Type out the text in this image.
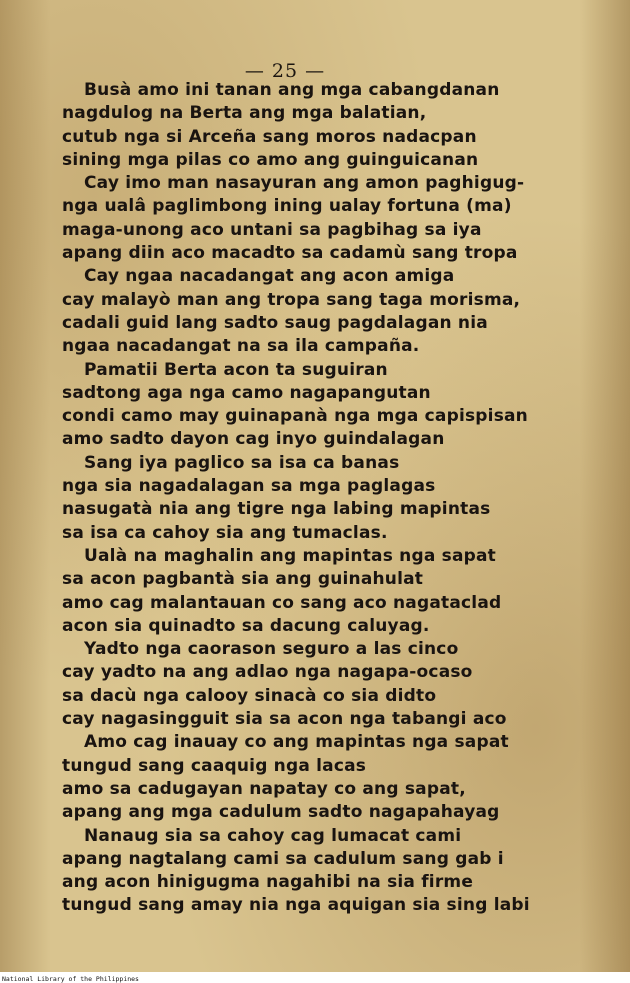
— 25 —
Busà amo ini tanan ang mga cabangdanan
nagdulog na Berta ang mga balatian,
cutub nga si Arceña sang moros nadacpan
sining mga pilas co amo ang guinguicanan
Cay imo man nasayuran ang amon paghigug-
nga ualâ paglimbong ining ualay fortuna (ma)
maga-unong aco untani sa pagbihag sa iya
apang diin aco macadto sa cadamù sang tropa
Cay ngaa nacadangat ang acon amiga
cay malayò man ang tropa sang taga morisma,
cadali guid lang sadto saug pagdalagan nia
ngaa nacadangat na sa ila campaña.
Pamatii Berta acon ta suguiran
sadtong aga nga camo nagapangutan
condi camo may guinapanà nga mga capispisan
amo sadto dayon cag inyo guindalagan
Sang iya paglico sa isa ca banas
nga sia nagadalagan sa mga paglagas
nasugatà nia ang tigre nga labing mapintas
sa isa ca cahoy sia ang tumaclas.
Ualà na maghalin ang mapintas nga sapat
sa acon pagbantà sia ang guinahulat
amo cag malantauan co sang aco nagataclad
acon sia quinadto sa dacung caluyag.
Yadto nga caorason seguro a las cinco
cay yadto na ang adlao nga nagapa-ocaso
sa dacù nga calooy sinacà co sia didto
cay nagasingguit sia sa acon nga tabangi aco
Amo cag inauay co ang mapintas nga sapat
tungud sang caaquig nga lacas
amo sa cadugayan napatay co ang sapat,
apang ang mga cadulum sadto nagapahayag
Nanaug sia sa cahoy cag lumacat cami
apang nagtalang cami sa cadulum sang gab i
ang acon hinigugma nagahibi na sia firme
tungud sang amay nia nga aquigan sia sing labi
National Library of the Philippines
